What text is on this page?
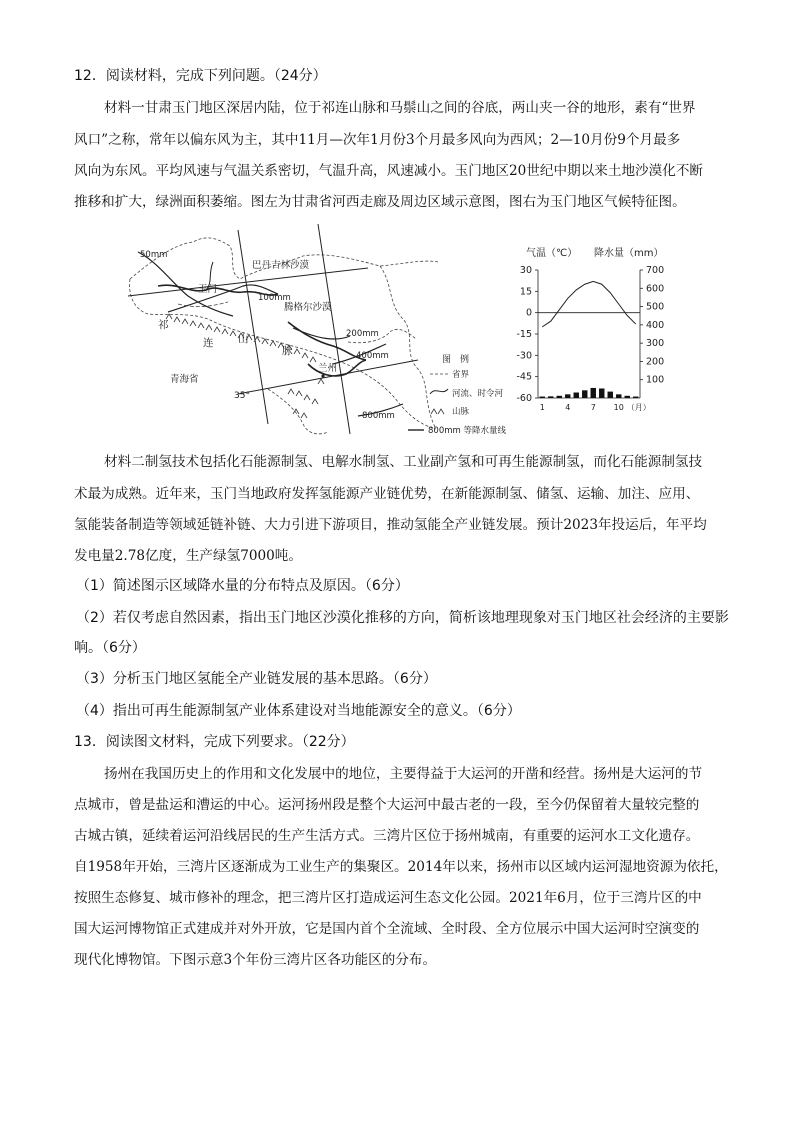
12．阅读材料，完成下列问题。（24分）
材料一甘肃玉门地区深居内陆，位于祁连山脉和马鬃山之间的谷底，两山夹一谷的地形，素有“世界
风口”之称，常年以偏东风为主，其中11月—次年1月份3个月最多风向为西风；2—10月份9个月最多
风向为东风。平均风速与气温关系密切，气温升高，风速减小。玉门地区20世纪中期以来土地沙漠化不断
推移和扩大，绿洲面积萎缩。图左为甘肃省河西走廊及周边区域示意图，图右为玉门地区气候特征图。
50mm
巴丹吉林沙漠
玉门
100mm
腾格尔沙漠
祁
连 山
脉
200mm
400mm
兰州
青海省
35°
800mm
图　例
省界
河流、时令河
山脉
800mm 等降水量线
气温（℃） 降水量（mm）
30
15
0
-15
-30
-45
-60
700
600
500
400
300
200
100
1	4	7 10 （月）
材料二制氢技术包括化石能源制氢、电解水制氢、工业副产氢和可再生能源制氢，而化石能源制氢技
术最为成熟。近年来，玉门当地政府发挥氢能源产业链优势，在新能源制氢、储氢、运输、加注、应用、
氢能装备制造等领域延链补链、大力引进下游项目，推动氢能全产业链发展。预计2023年投运后，年平均
发电量2.78亿度，生产绿氢7000吨。
（1）简述图示区域降水量的分布特点及原因。（6分）
（2）若仅考虑自然因素，指出玉门地区沙漠化推移的方向，简析该地理现象对玉门地区社会经济的主要影
响。（6分）
（3）分析玉门地区氢能全产业链发展的基本思路。（6分）
（4）指出可再生能源制氢产业体系建设对当地能源安全的意义。（6分）
13．阅读图文材料，完成下列要求。（22分）
扬州在我国历史上的作用和文化发展中的地位，主要得益于大运河的开凿和经营。扬州是大运河的节
点城市，曾是盐运和漕运的中心。运河扬州段是整个大运河中最古老的一段，至今仍保留着大量较完整的
古城古镇，延续着运河沿线居民的生产生活方式。三湾片区位于扬州城南，有重要的运河水工文化遗存。
自1958年开始，三湾片区逐渐成为工业生产的集聚区。2014年以来，扬州市以区域内运河湿地资源为依托，
按照生态修复、城市修补的理念，把三湾片区打造成运河生态文化公园。2021年6月，位于三湾片区的中
国大运河博物馆正式建成并对外开放，它是国内首个全流域、全时段、全方位展示中国大运河时空演变的
现代化博物馆。下图示意3个年份三湾片区各功能区的分布。
